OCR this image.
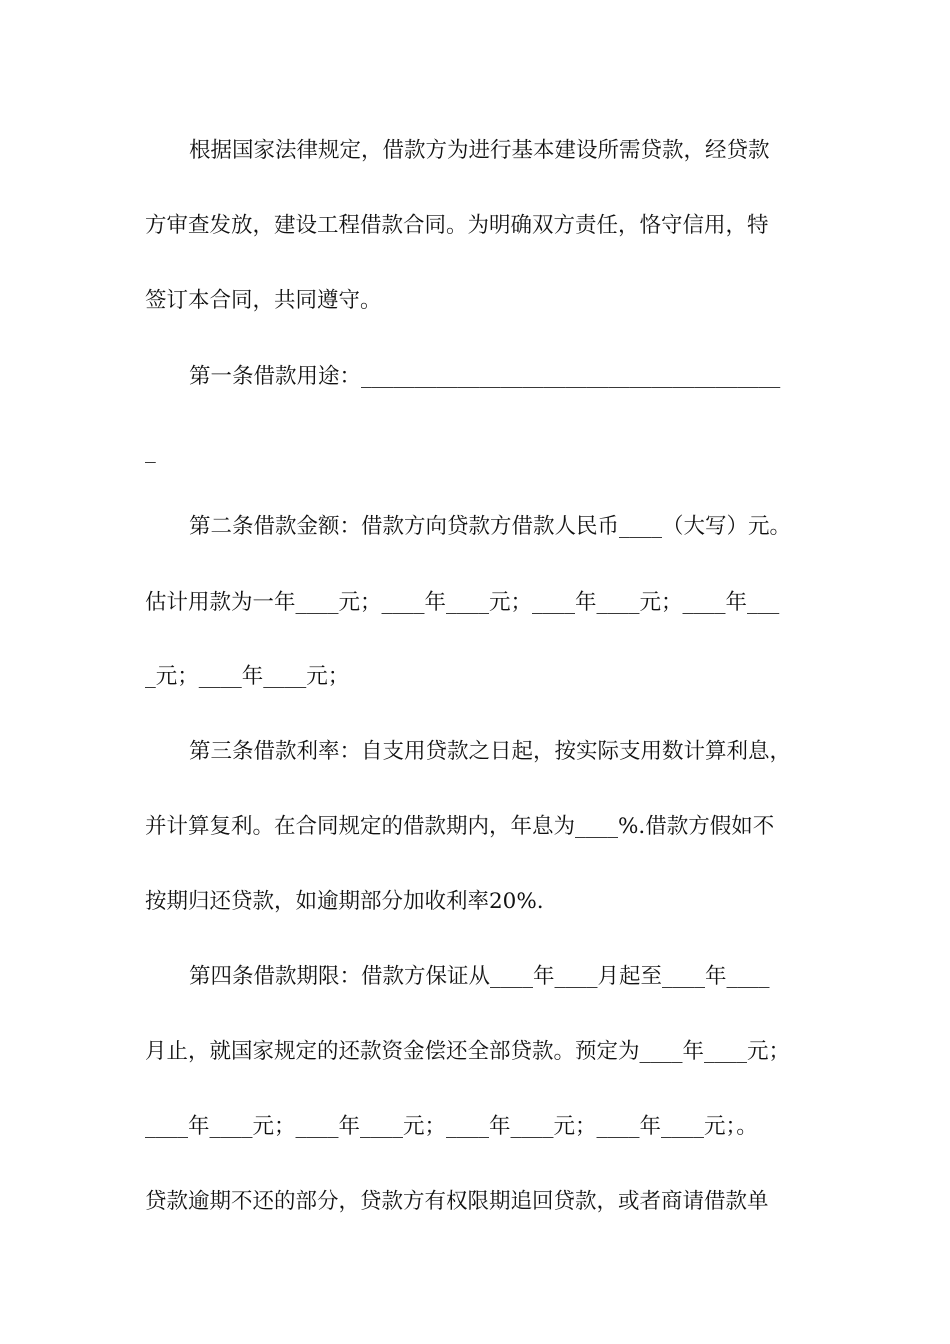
根据国家法律规定，借款方为进行基本建设所需贷款，经贷款
方审查发放，建设工程借款合同。为明确双方责任，恪守信用，特
签订本合同，共同遵守。
第一条借款用途：_______________________________________
_
第二条借款金额：借款方向贷款方借款人民币____（大写）元。
估计用款为一年____元；____年____元；____年____元；____年___
_元；____年____元；
第三条借款利率：自支用贷款之日起，按实际支用数计算利息，
并计算复利。在合同规定的借款期内，年息为____%.借款方假如不
按期归还贷款，如逾期部分加收利率20%.
第四条借款期限：借款方保证从____年____月起至____年____
月止，就国家规定的还款资金偿还全部贷款。预定为____年____元；
____年____元；____年____元；____年____元；____年____元；。
贷款逾期不还的部分，贷款方有权限期追回贷款，或者商请借款单
